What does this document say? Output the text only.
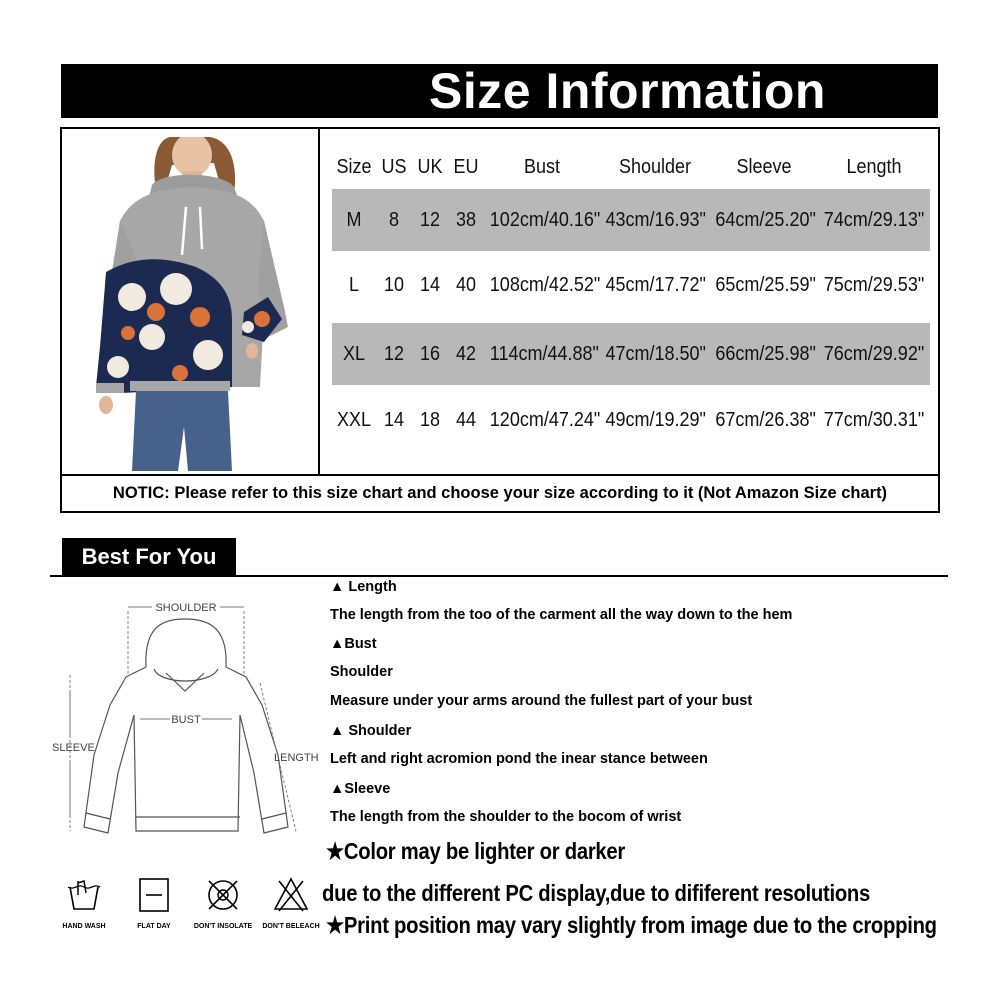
Size Information
Size US UK EU	Bust	Shoulder	Sleeve	Length
M	8	12 38 102cm/40.16" 43cm/16.93" 64cm/25.20" 74cm/29.13"
L	10 14 40 108cm/42.52" 45cm/17.72" 65cm/25.59" 75cm/29.53"
XL 12 16 42 114cm/44.88" 47cm/18.50" 66cm/25.98" 76cm/29.92"
XXL 14 18 44 120cm/47.24" 49cm/19.29" 67cm/26.38" 77cm/30.31"
NOTIC: Please refer to this size chart and choose your size according to it (Not Amazon Size chart)
Best For You
SHOULDER
BUST
SLEEVE
LENGTH
HAND WASH	FLAT DAY	DON'T INSOLATE	DON'T BELEACH
▲ Length
The length from the too of the carment all the way down to the hem
▲Bust
Shoulder
Measure under your arms around the fullest part of your bust
▲ Shoulder
Left and right acromion pond the inear stance between
▲Sleeve
The length from the shoulder to the bocom of wrist
★Color may be lighter or darker
due to the different PC display,due to dififerent resolutions
★Print position may vary slightly from image due to the cropping
